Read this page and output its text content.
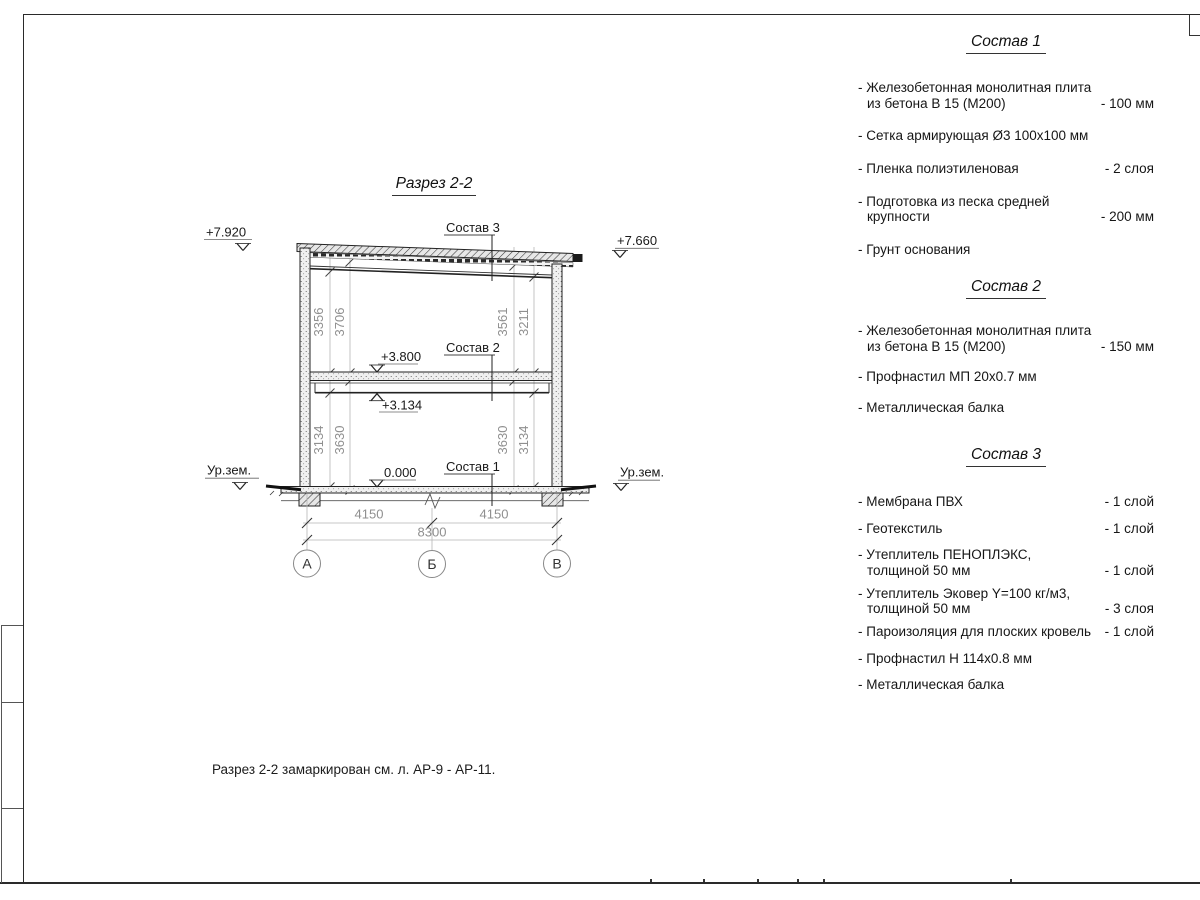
Разрез 2-2
3356 3706	3561 3211
3134 3630	3630 3134
+7.920
+7.660
+3.800
+3.134
0.000
Ур.зем.	Ур.зем.
Состав 3
Состав 2
Состав 1
4150	4150
8300
А	Б	В
Состав 1
- Железобетонная монолитная плита
из бетона В 15 (М200)	- 100 мм
- Сетка армирующая Ø3 100x100 мм
- Пленка полиэтиленовая	- 2 слоя
- Подготовка из песка средней
крупности	- 200 мм
- Грунт основания
Состав 2
- Железобетонная монолитная плита
из бетона В 15 (М200)	- 150 мм
- Профнастил МП 20x0.7 мм
- Металлическая балка
Состав 3
- Мембрана ПВХ	- 1 слой
- Геотекстиль	- 1 слой
- Утеплитель ПЕНОПЛЭКС,
толщиной 50 мм	- 1 слой
- Утеплитель Эковер Y=100 кг/м3,
толщиной 50 мм	- 3 слоя
- Пароизоляция для плоских кровель	- 1 слой
- Профнастил Н 114x0.8 мм
- Металлическая балка
Разрез 2-2 замаркирован см. л. АР-9 - АР-11.
